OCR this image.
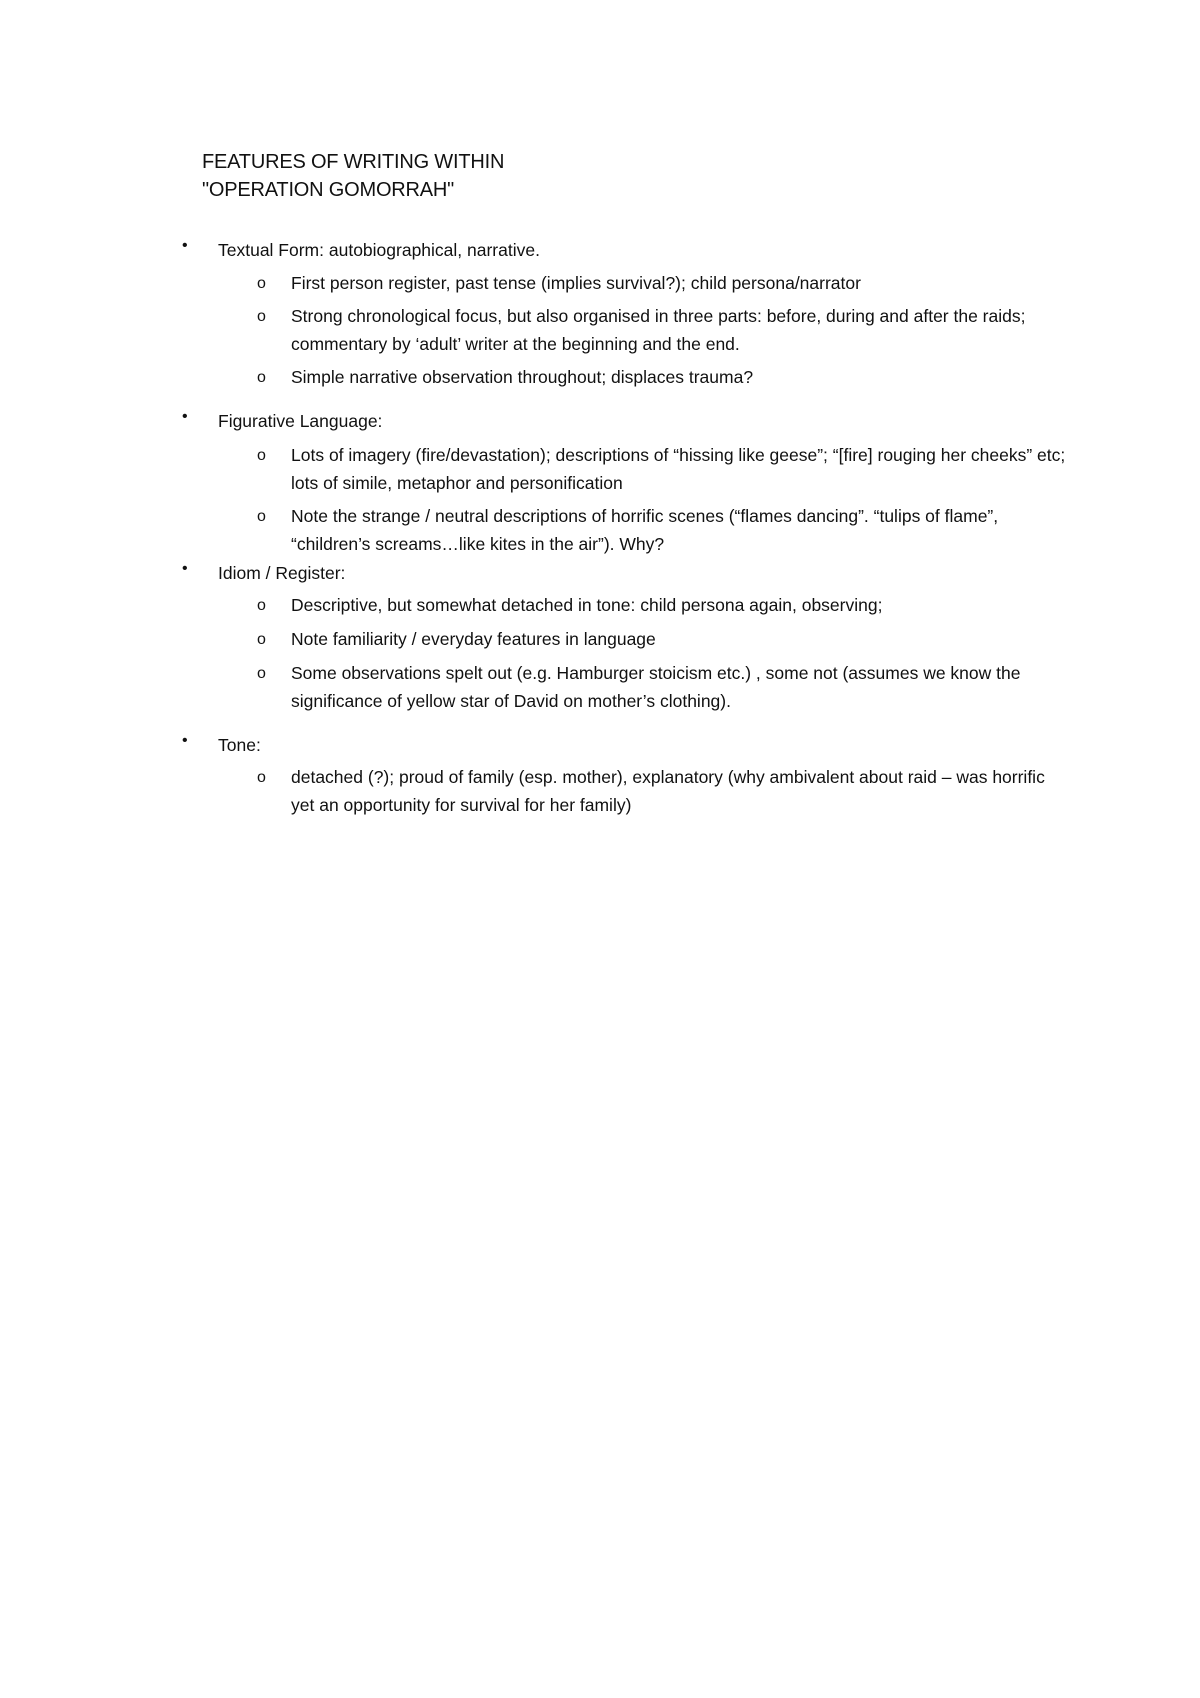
FEATURES OF WRITING WITHIN
"OPERATION GOMORRAH"
• Textual Form: autobiographical, narrative.
o First person register, past tense (implies survival?); child persona/narrator
o Strong chronological focus, but also organised in three parts: before, during and after the raids; commentary by ‘adult’ writer at the beginning and the end.
o Simple narrative observation throughout; displaces trauma?
• Figurative Language:
o Lots of imagery (fire/devastation); descriptions of “hissing like geese”; “[fire] rouging her cheeks” etc; lots of simile, metaphor and personification
o Note the strange / neutral descriptions of horrific scenes (“flames dancing”. “tulips of flame”, “children’s screams…like kites in the air”). Why?
• Idiom / Register:
o Descriptive, but somewhat detached in tone: child persona again, observing;
o Note familiarity / everyday features in language
o Some observations spelt out (e.g. Hamburger stoicism etc.) , some not (assumes we know the significance of yellow star of David on mother’s clothing).
• Tone:
o detached (?); proud of family (esp. mother), explanatory (why ambivalent about raid – was horrific yet an opportunity for survival for her family)
